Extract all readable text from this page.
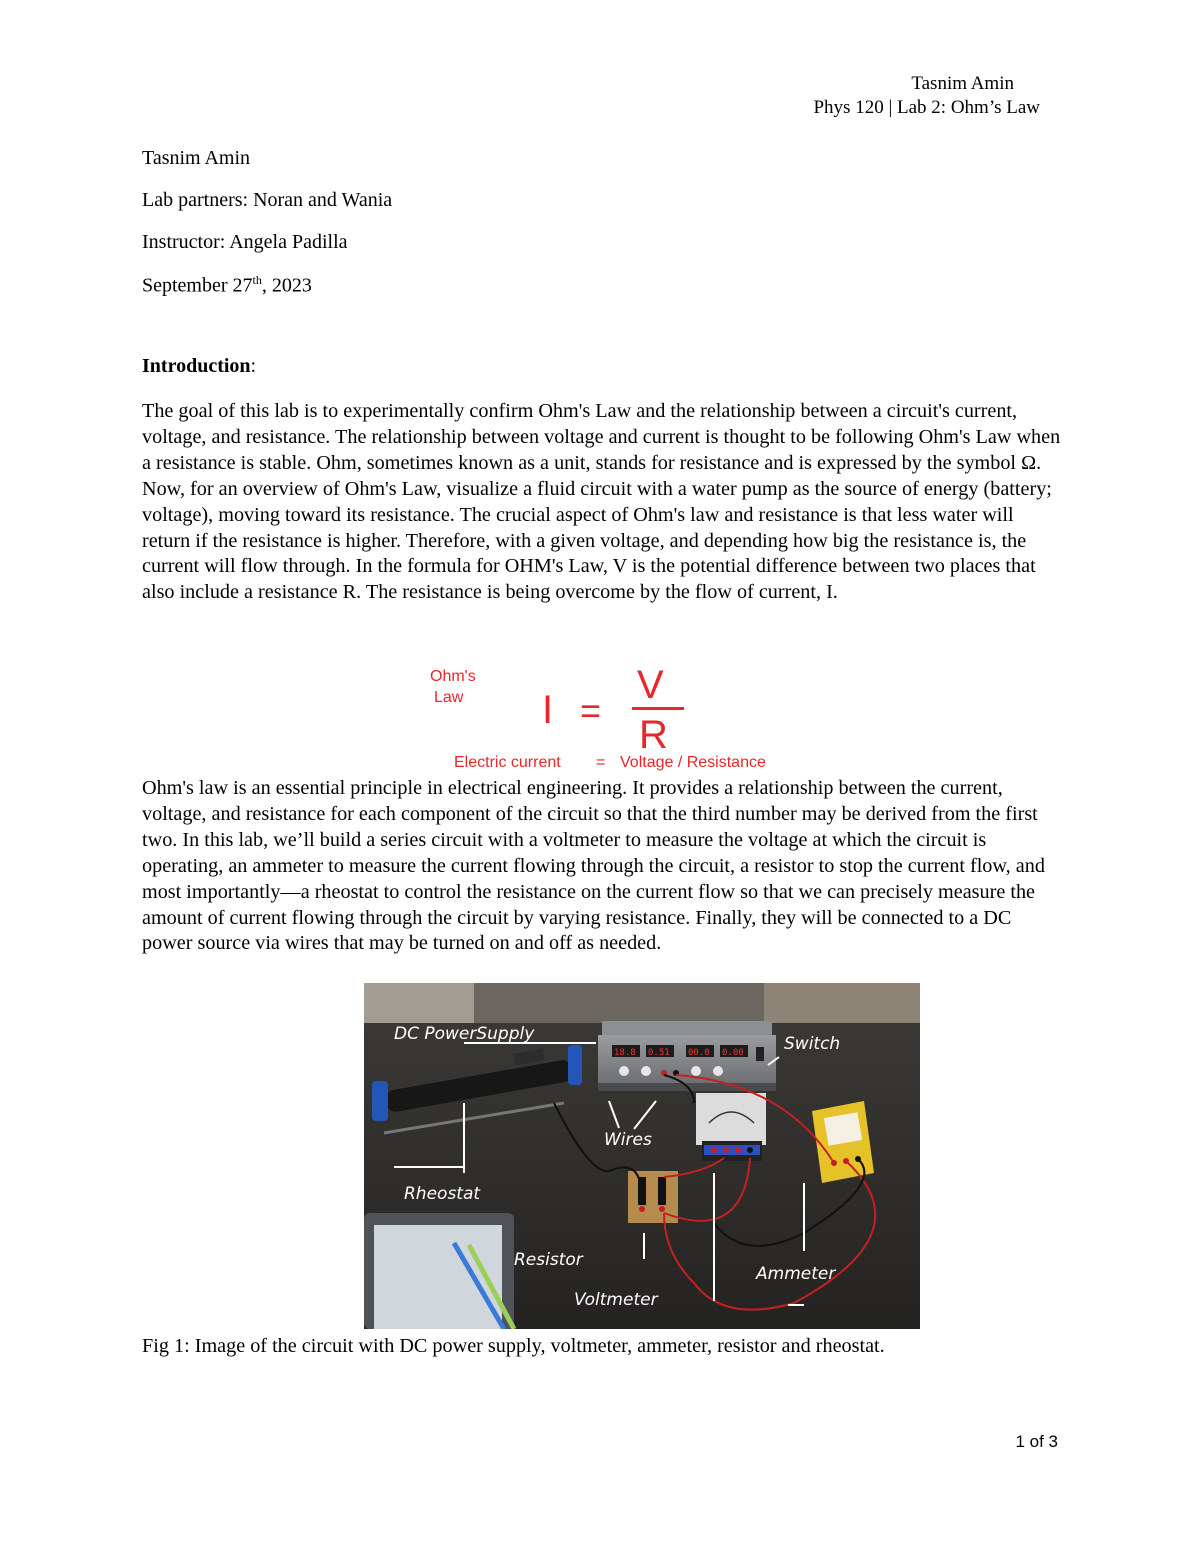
Tasnim Amin
Phys 120 | Lab 2: Ohm’s Law
Tasnim Amin
Lab partners: Noran and Wania
Instructor: Angela Padilla
September 27th, 2023
Introduction:

The goal of this lab is to experimentally confirm Ohm's Law and the relationship between a circuit's current, voltage, and resistance. The relationship between voltage and current is thought to be following Ohm's Law when a resistance is stable. Ohm, sometimes known as a unit, stands for resistance and is expressed by the symbol Ω. Now, for an overview of Ohm's Law, visualize a fluid circuit with a water pump as the source of energy (battery; voltage), moving toward its resistance. The crucial aspect of Ohm's law and resistance is that less water will return if the resistance is higher. Therefore, with a given voltage, and depending how big the resistance is, the current will flow through. In the formula for OHM's Law, V is the potential difference between two places that also include a resistance R. The resistance is being overcome by the flow of current, I.

Ohm's
Law I =
V
R
Electric current = Voltage / Resistance

Ohm's law is an essential principle in electrical engineering. It provides a relationship between the current, voltage, and resistance for each component of the circuit so that the third number may be derived from the first two. In this lab, we’ll build a series circuit with a voltmeter to measure the voltage at which the circuit is operating, an ammeter to measure the current flowing through the circuit, a resistor to stop the current flow, and most importantly—a rheostat to control the resistance on the current flow so that we can precisely measure the amount of current flowing through the circuit by varying resistance. Finally, they will be connected to a DC power source via wires that may be turned on and off as needed.

18.8 0.51 00.0 0.00
DC PowerSupply	Switch
Wires
Rheostat
Resistor
Voltmeter
Ammeter
Fig 1: Image of the circuit with DC power supply, voltmeter, ammeter, resistor and rheostat.
1 of 3
